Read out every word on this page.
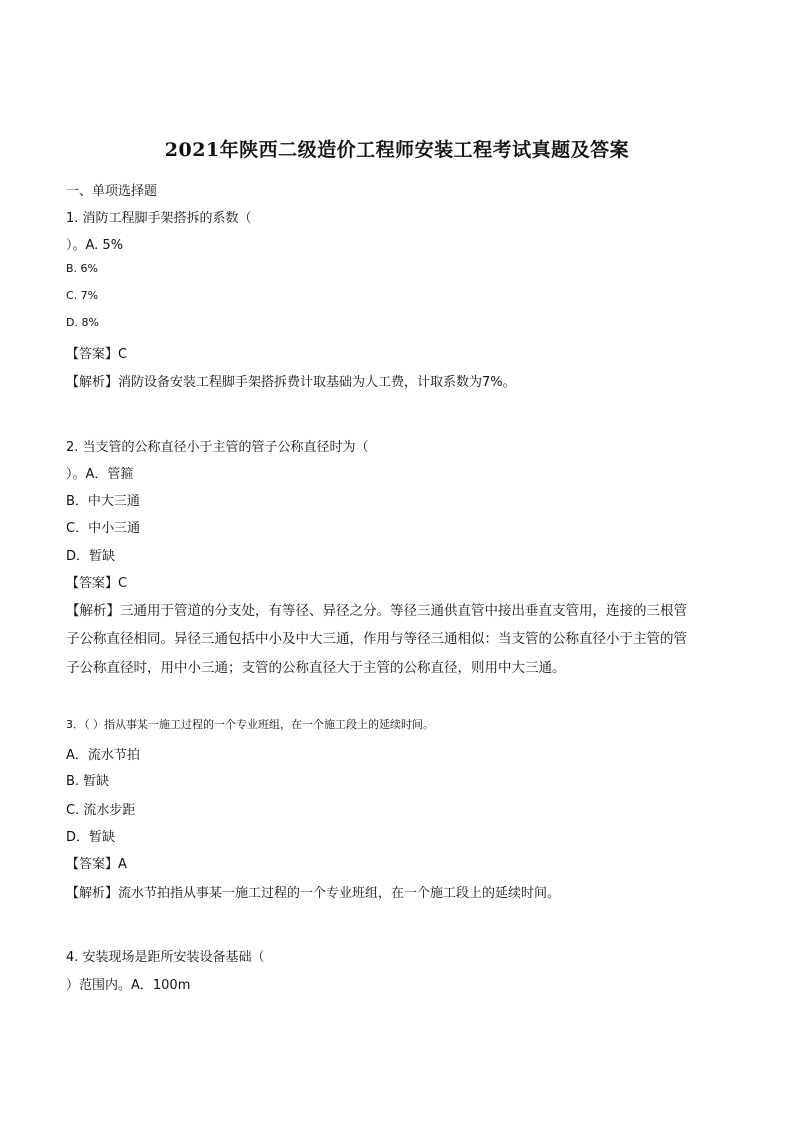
2021年陕西二级造价工程师安装工程考试真题及答案

一、单项选择题

1. 消防工程脚手架搭拆的系数（

）。A. 5%

B. 6%

C. 7%

D. 8%

【答案】C

【解析】消防设备安装工程脚手架搭拆费计取基础为人工费，计取系数为7%。

2. 当支管的公称直径小于主管的管子公称直径时为（

）。A．管箍

B．中大三通

C．中小三通

D．暂缺

【答案】C

【解析】三通用于管道的分支处，有等径、异径之分。等径三通供直管中接出垂直支管用，连接的三根管

子公称直径相同。异径三通包括中小及中大三通，作用与等径三通相似：当支管的公称直径小于主管的管

子公称直径时，用中小三通；支管的公称直径大于主管的公称直径，则用中大三通。

3．（ ）指从事某一施工过程的一个专业班组，在一个施工段上的延续时间。

A．流水节拍

B. 暂缺

C. 流水步距

D．暂缺

【答案】A

【解析】流水节拍指从事某一施工过程的一个专业班组，在一个施工段上的延续时间。

4. 安装现场是距所安装设备基础（

）范围内。A．100m
